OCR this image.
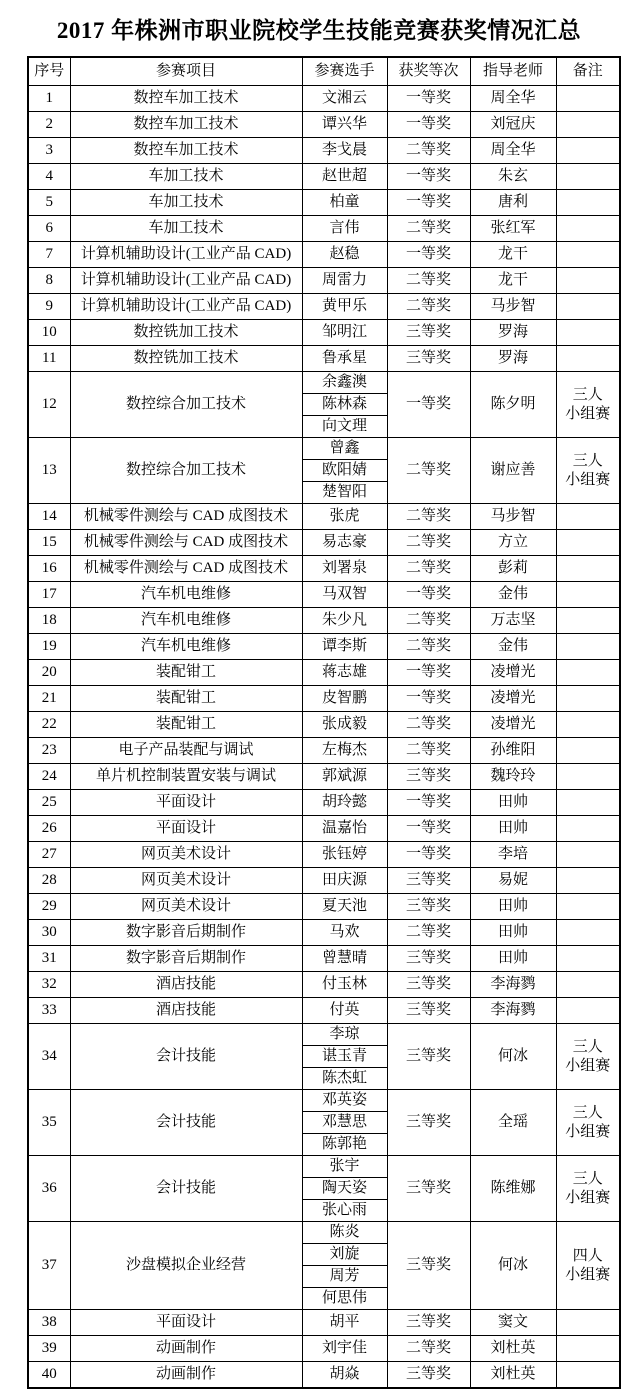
2017 年株洲市职业院校学生技能竞赛获奖情况汇总
序号	参赛项目	参赛选手	获奖等次	指导老师	备注
1	数控车加工技术	文湘云	一等奖	周全华	
2	数控车加工技术	谭兴华	一等奖	刘冠庆	
3	数控车加工技术	李戈晨	二等奖	周全华	
4	车加工技术	赵世超	一等奖	朱玄	
5	车加工技术	柏童	一等奖	唐利	
6	车加工技术	言伟	二等奖	张红军	
7	计算机辅助设计(工业产品 CAD)	赵稳	一等奖	龙干	
8	计算机辅助设计(工业产品 CAD)	周雷力	二等奖	龙干	
9	计算机辅助设计(工业产品 CAD)	黄甲乐	二等奖	马步智	
10	数控铣加工技术	邹明江	三等奖	罗海	
11	数控铣加工技术	鲁承星	三等奖	罗海	
12	数控综合加工技术	余鑫澳	一等奖	陈夕明	三人
小组赛

		陈林森			
		向文理			
13	数控综合加工技术	曾鑫	二等奖	谢应善	三人
小组赛

		欧阳婧			
		楚智阳			
14	机械零件测绘与 CAD 成图技术	张虎	二等奖	马步智	
15	机械零件测绘与 CAD 成图技术	易志豪	二等奖	方立	
16	机械零件测绘与 CAD 成图技术	刘署泉	二等奖	彭莉	
17	汽车机电维修	马双智	一等奖	金伟	
18	汽车机电维修	朱少凡	二等奖	万志坚	
19	汽车机电维修	谭李斯	二等奖	金伟	
20	装配钳工	蒋志雄	一等奖	凌增光	
21	装配钳工	皮智鹏	一等奖	凌增光	
22	装配钳工	张成毅	二等奖	凌增光	
23	电子产品装配与调试	左梅杰	二等奖	孙维阳	
24	单片机控制装置安装与调试	郭斌源	三等奖	魏玲玲	
25	平面设计	胡玲懿	一等奖	田帅	
26	平面设计	温嘉怡	一等奖	田帅	
27	网页美术设计	张钰婷	一等奖	李培	
28	网页美术设计	田庆源	三等奖	易妮	
29	网页美术设计	夏天池	三等奖	田帅	
30	数字影音后期制作	马欢	二等奖	田帅	
31	数字影音后期制作	曾慧晴	三等奖	田帅	
32	酒店技能	付玉林	三等奖	李海鹨	
33	酒店技能	付英	三等奖	李海鹨	
34	会计技能	李琼	三等奖	何冰	三人
小组赛

		谌玉青			
		陈杰虹			
35	会计技能	邓英姿	三等奖	全瑶	三人
小组赛

		邓慧思			
		陈郭艳			
36	会计技能	张宇	三等奖	陈维娜	三人
小组赛

		陶天姿			
		张心雨			
37	沙盘模拟企业经营	陈炎	三等奖	何冰	四人
小组赛

		刘旋			
		周芳			
		何思伟			
38	平面设计	胡平	三等奖	窦文	
39	动画制作	刘宇佳	二等奖	刘杜英	
40	动画制作	胡焱	三等奖	刘杜英	
